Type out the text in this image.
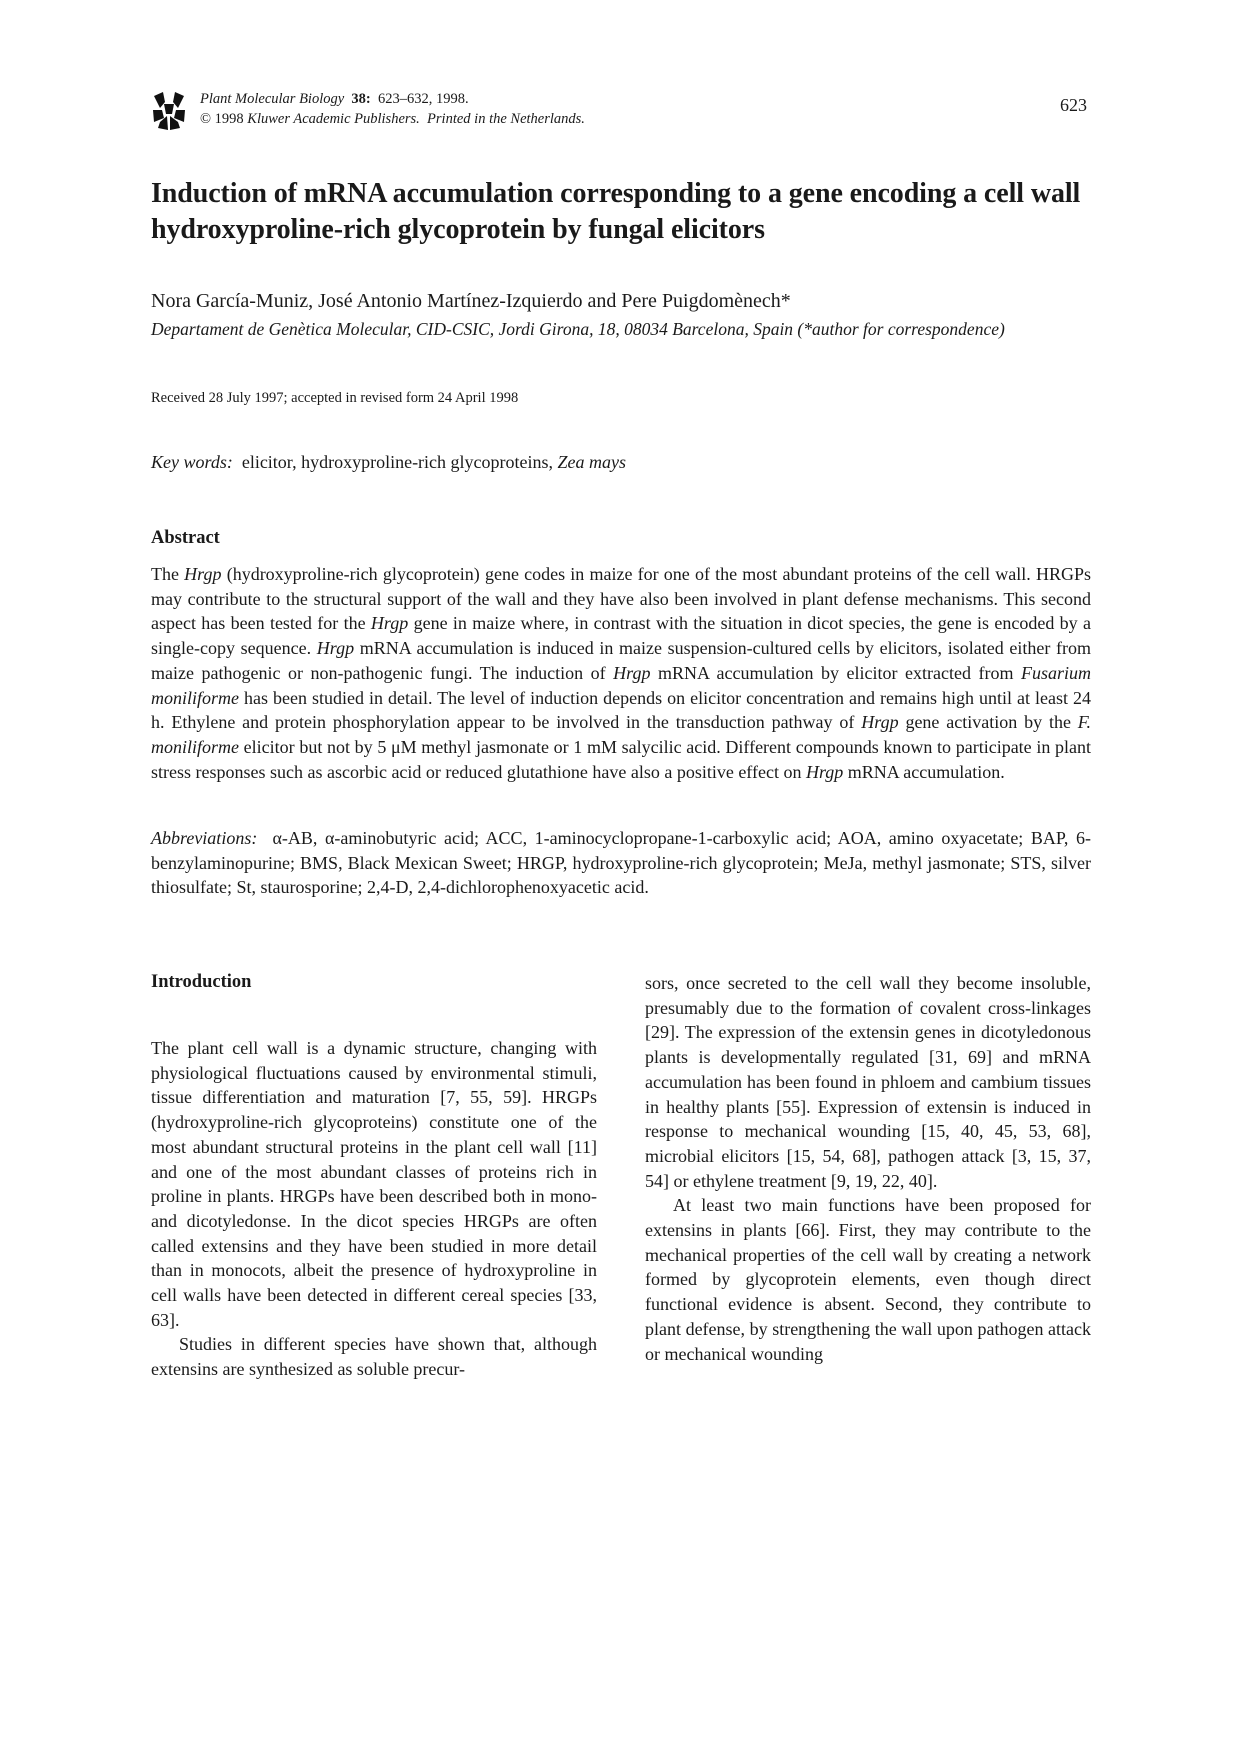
Plant Molecular Biology 38: 623–632, 1998.
© 1998 Kluwer Academic Publishers. Printed in the Netherlands.
623
Induction of mRNA accumulation corresponding to a gene encoding a cell wall hydroxyproline-rich glycoprotein by fungal elicitors
Nora García-Muniz, José Antonio Martínez-Izquierdo and Pere Puigdomènech*
Departament de Genètica Molecular, CID-CSIC, Jordi Girona, 18, 08034 Barcelona, Spain (*author for correspondence)
Received 28 July 1997; accepted in revised form 24 April 1998
Key words: elicitor, hydroxyproline-rich glycoproteins, Zea mays
Abstract

The Hrgp (hydroxyproline-rich glycoprotein) gene codes in maize for one of the most abundant proteins of the cell wall. HRGPs may contribute to the structural support of the wall and they have also been involved in plant defense mechanisms. This second aspect has been tested for the Hrgp gene in maize where, in contrast with the situation in dicot species, the gene is encoded by a single-copy sequence. Hrgp mRNA accumulation is induced in maize suspension-cultured cells by elicitors, isolated either from maize pathogenic or non-pathogenic fungi. The induction of Hrgp mRNA accumulation by elicitor extracted from Fusarium moniliforme has been studied in detail. The level of induction depends on elicitor concentration and remains high until at least 24 h. Ethylene and protein phosphorylation appear to be involved in the transduction pathway of Hrgp gene activation by the F. moniliforme elicitor but not by 5 μM methyl jasmonate or 1 mM salycilic acid. Different compounds known to participate in plant stress responses such as ascorbic acid or reduced glutathione have also a positive effect on Hrgp mRNA accumulation.

Abbreviations: α-AB, α-aminobutyric acid; ACC, 1-aminocyclopropane-1-carboxylic acid; AOA, amino oxyacetate; BAP, 6-benzylaminopurine; BMS, Black Mexican Sweet; HRGP, hydroxyproline-rich glycoprotein; MeJa, methyl jasmonate; STS, silver thiosulfate; St, staurosporine; 2,4-D, 2,4-dichlorophenoxyacetic acid.

Introduction

The plant cell wall is a dynamic structure, changing with physiological fluctuations caused by environmental stimuli, tissue differentiation and maturation [7, 55, 59]. HRGPs (hydroxyproline-rich glycoproteins) constitute one of the most abundant structural proteins in the plant cell wall [11] and one of the most abundant classes of proteins rich in proline in plants. HRGPs have been described both in mono- and dicotyledonse. In the dicot species HRGPs are often called extensins and they have been studied in more detail than in monocots, albeit the presence of hydroxyproline in cell walls have been detected in different cereal species [33, 63].

Studies in different species have shown that, although extensins are synthesized as soluble precur-

sors, once secreted to the cell wall they become insoluble, presumably due to the formation of covalent cross-linkages [29]. The expression of the extensin genes in dicotyledonous plants is developmentally regulated [31, 69] and mRNA accumulation has been found in phloem and cambium tissues in healthy plants [55]. Expression of extensin is induced in response to mechanical wounding [15, 40, 45, 53, 68], microbial elicitors [15, 54, 68], pathogen attack [3, 15, 37, 54] or ethylene treatment [9, 19, 22, 40].

At least two main functions have been proposed for extensins in plants [66]. First, they may contribute to the mechanical properties of the cell wall by creating a network formed by glycoprotein elements, even though direct functional evidence is absent. Second, they contribute to plant defense, by strengthening the wall upon pathogen attack or mechanical wounding
